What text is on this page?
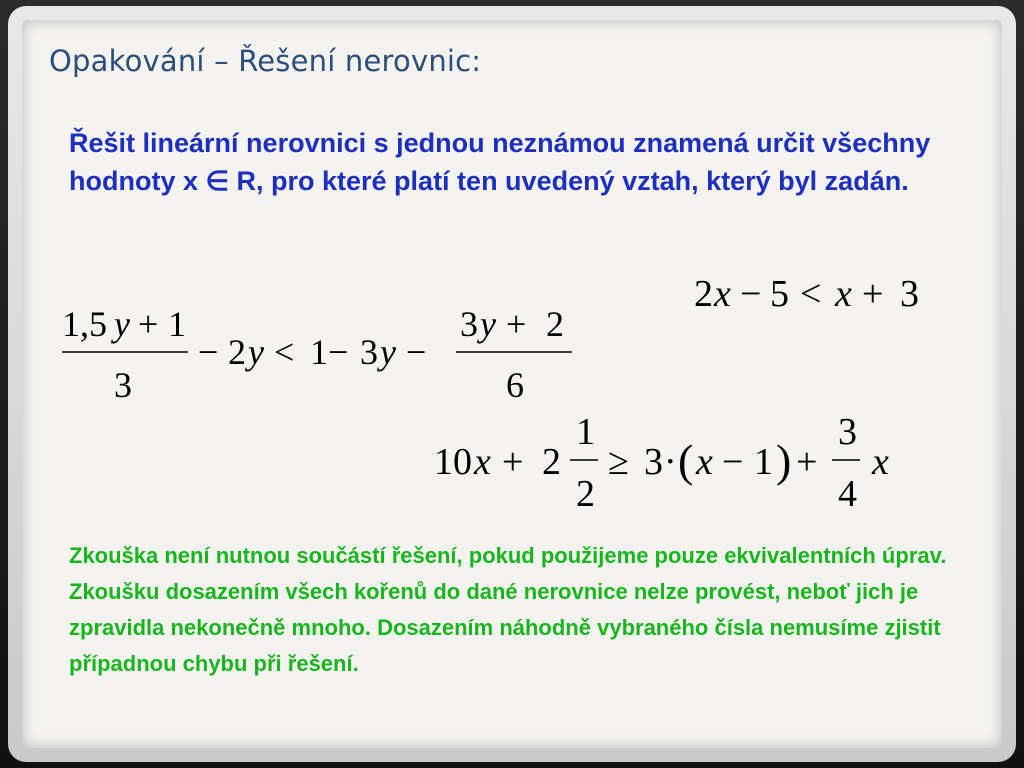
Opakování – Řešení nerovnic:

Řešit lineární nerovnici s jednou neznámou znamená určit všechny hodnoty x ∈ R, pro které platí ten uvedený vztah, který byl zadán.

2 x − 5 < x + 3
1,5 y + 1
3
− 2 y < 1 − 3 y −
3 y + 2
6
10 x + 2
1
2
≥ 3 · ( x − 1 ) +
3
4
x

Zkouška není nutnou součástí řešení, pokud použijeme pouze ekvivalentních úprav. Zkoušku dosazením všech kořenů do dané nerovnice nelze provést, neboť jich je zpravidla nekonečně mnoho. Dosazením náhodně vybraného čísla nemusíme zjistit případnou chybu při řešení.
